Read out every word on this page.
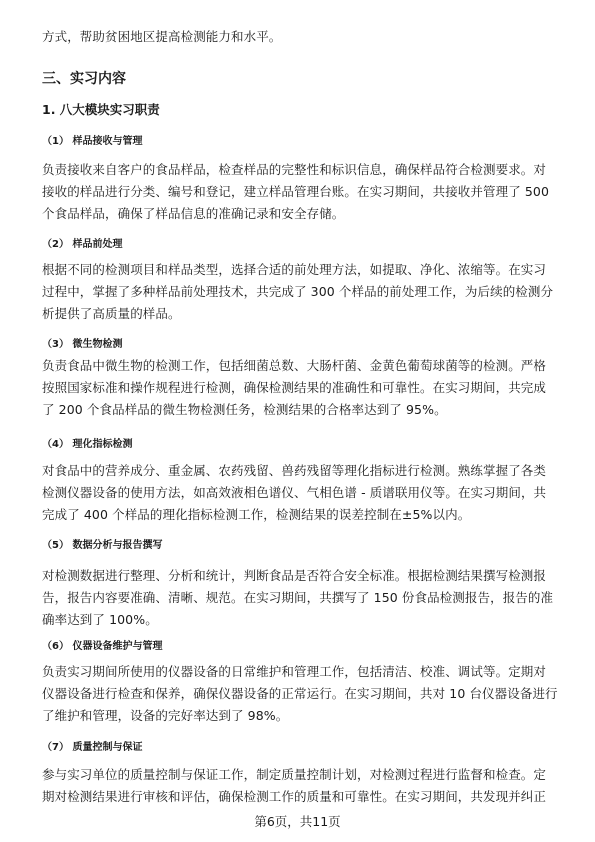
方式，帮助贫困地区提高检测能力和水平。
三、实习内容
1. 八大模块实习职责
（1） 样品接收与管理
负责接收来自客户的食品样品，检查样品的完整性和标识信息，确保样品符合检测要求。对接收的样品进行分类、编号和登记，建立样品管理台账。在实习期间，共接收并管理了 500 个食品样品，确保了样品信息的准确记录和安全存储。
（2） 样品前处理
根据不同的检测项目和样品类型，选择合适的前处理方法，如提取、净化、浓缩等。在实习过程中，掌握了多种样品前处理技术，共完成了 300 个样品的前处理工作，为后续的检测分析提供了高质量的样品。
（3） 微生物检测
负责食品中微生物的检测工作，包括细菌总数、大肠杆菌、金黄色葡萄球菌等的检测。严格按照国家标准和操作规程进行检测，确保检测结果的准确性和可靠性。在实习期间，共完成了 200 个食品样品的微生物检测任务，检测结果的合格率达到了 95%。
（4） 理化指标检测
对食品中的营养成分、重金属、农药残留、兽药残留等理化指标进行检测。熟练掌握了各类检测仪器设备的使用方法，如高效液相色谱仪、气相色谱 - 质谱联用仪等。在实习期间，共完成了 400 个样品的理化指标检测工作，检测结果的误差控制在±5%以内。
（5） 数据分析与报告撰写
对检测数据进行整理、分析和统计，判断食品是否符合安全标准。根据检测结果撰写检测报告，报告内容要准确、清晰、规范。在实习期间，共撰写了 150 份食品检测报告，报告的准确率达到了 100%。
（6） 仪器设备维护与管理
负责实习期间所使用的仪器设备的日常维护和管理工作，包括清洁、校准、调试等。定期对仪器设备进行检查和保养，确保仪器设备的正常运行。在实习期间，共对 10 台仪器设备进行了维护和管理，设备的完好率达到了 98%。
（7） 质量控制与保证
参与实习单位的质量控制与保证工作，制定质量控制计划，对检测过程进行监督和检查。定期对检测结果进行审核和评估，确保检测工作的质量和可靠性。在实习期间，共发现并纠正
第6页，共11页
